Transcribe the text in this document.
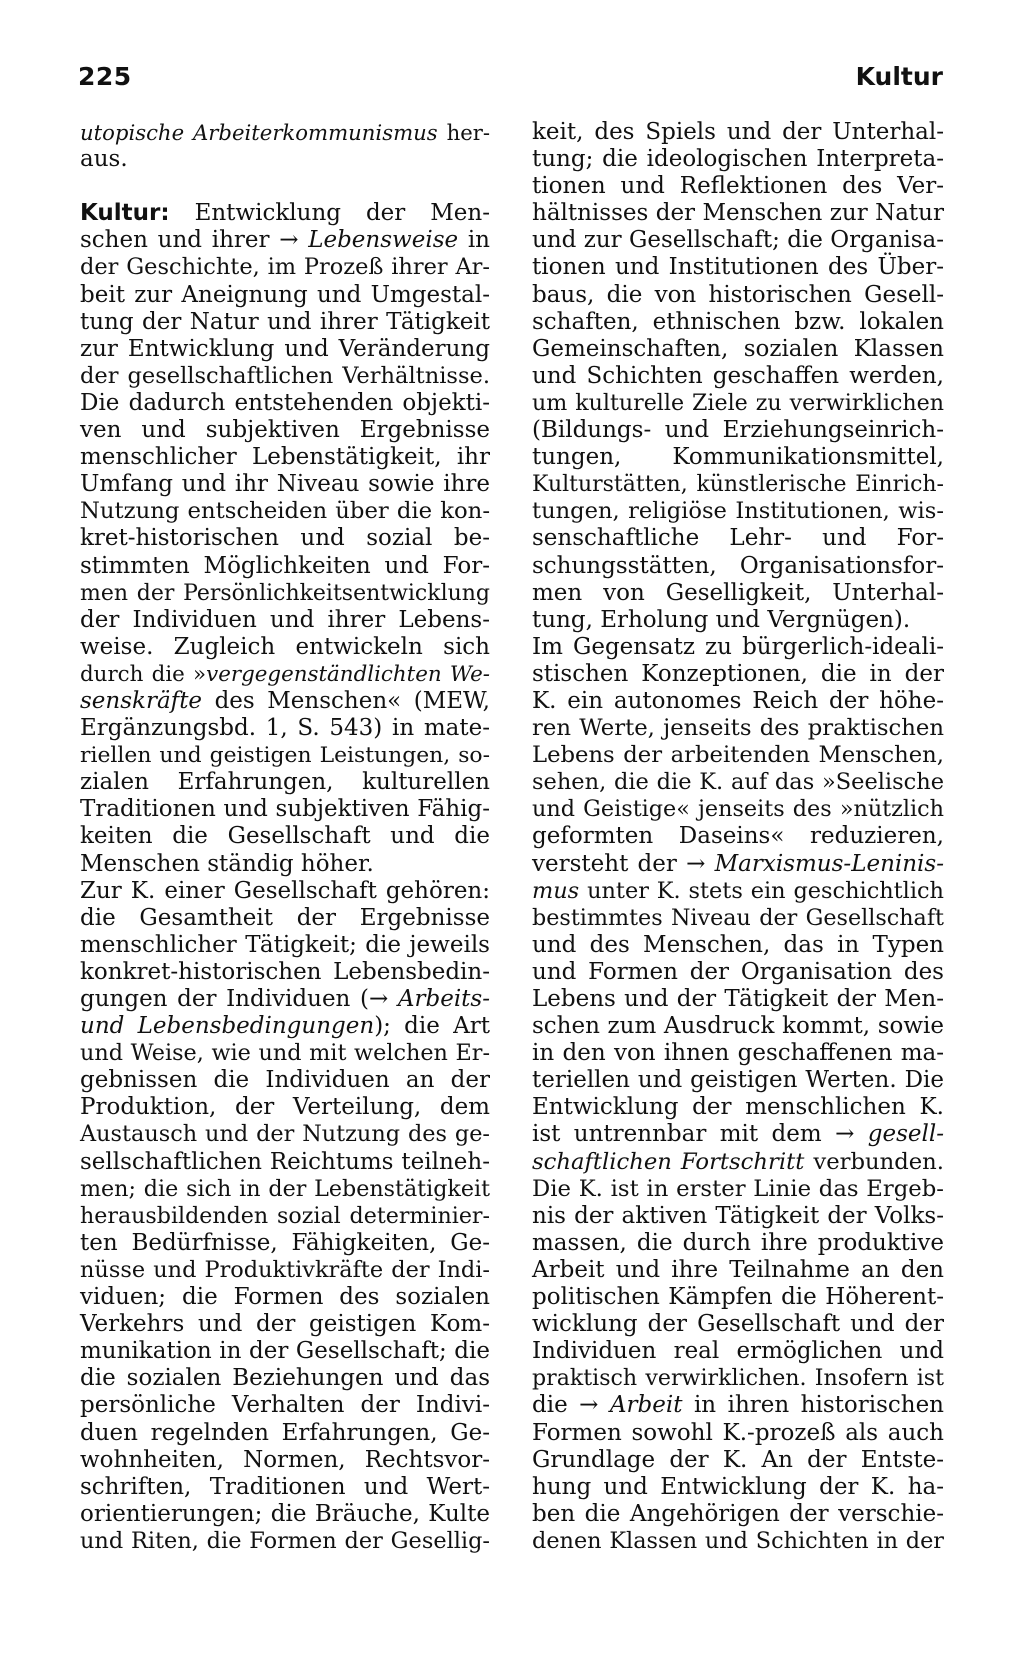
225	Kultur
utopische Arbeiterkommunismus her-
aus.
Kultur: Entwicklung der Men-
schen und ihrer → Lebensweise in
der Geschichte, im Prozeß ihrer Ar-
beit zur Aneignung und Umgestal-
tung der Natur und ihrer Tätigkeit
zur Entwicklung und Veränderung
der gesellschaftlichen Verhältnisse.
Die dadurch entstehenden objekti-
ven und subjektiven Ergebnisse
menschlicher Lebenstätigkeit, ihr
Umfang und ihr Niveau sowie ihre
Nutzung entscheiden über die kon-
kret-historischen und sozial be-
stimmten Möglichkeiten und For-
men der Persönlichkeitsentwicklung
der Individuen und ihrer Lebens-
weise. Zugleich entwickeln sich
durch die »vergegenständlichten We-
senskräfte des Menschen« (MEW,
Ergänzungsbd. 1, S. 543) in mate-
riellen und geistigen Leistungen, so-
zialen Erfahrungen, kulturellen
Traditionen und subjektiven Fähig-
keiten die Gesellschaft und die
Menschen ständig höher.
Zur K. einer Gesellschaft gehören:
die Gesamtheit der Ergebnisse
menschlicher Tätigkeit; die jeweils
konkret-historischen Lebensbedin-
gungen der Individuen (→ Arbeits-
und Lebensbedingungen); die Art
und Weise, wie und mit welchen Er-
gebnissen die Individuen an der
Produktion, der Verteilung, dem
Austausch und der Nutzung des ge-
sellschaftlichen Reichtums teilneh-
men; die sich in der Lebenstätigkeit
herausbildenden sozial determinier-
ten Bedürfnisse, Fähigkeiten, Ge-
nüsse und Produktivkräfte der Indi-
viduen; die Formen des sozialen
Verkehrs und der geistigen Kom-
munikation in der Gesellschaft; die
die sozialen Beziehungen und das
persönliche Verhalten der Indivi-
duen regelnden Erfahrungen, Ge-
wohnheiten, Normen, Rechtsvor-
schriften, Traditionen und Wert-
orientierungen; die Bräuche, Kulte
und Riten, die Formen der Gesellig-
keit, des Spiels und der Unterhal-
tung; die ideologischen Interpreta-
tionen und Reflektionen des Ver-
hältnisses der Menschen zur Natur
und zur Gesellschaft; die Organisa-
tionen und Institutionen des Über-
baus, die von historischen Gesell-
schaften, ethnischen bzw. lokalen
Gemeinschaften, sozialen Klassen
und Schichten geschaffen werden,
um kulturelle Ziele zu verwirklichen
(Bildungs- und Erziehungseinrich-
tungen, Kommunikationsmittel,
Kulturstätten, künstlerische Einrich-
tungen, religiöse Institutionen, wis-
senschaftliche Lehr- und For-
schungsstätten, Organisationsfor-
men von Geselligkeit, Unterhal-
tung, Erholung und Vergnügen).
Im Gegensatz zu bürgerlich-ideali-
stischen Konzeptionen, die in der
K. ein autonomes Reich der höhe-
ren Werte, jenseits des praktischen
Lebens der arbeitenden Menschen,
sehen, die die K. auf das »Seelische
und Geistige« jenseits des »nützlich
geformten Daseins« reduzieren,
versteht der → Marxismus-Leninis-
mus unter K. stets ein geschichtlich
bestimmtes Niveau der Gesellschaft
und des Menschen, das in Typen
und Formen der Organisation des
Lebens und der Tätigkeit der Men-
schen zum Ausdruck kommt, sowie
in den von ihnen geschaffenen ma-
teriellen und geistigen Werten. Die
Entwicklung der menschlichen K.
ist untrennbar mit dem → gesell-
schaftlichen Fortschritt verbunden.
Die K. ist in erster Linie das Ergeb-
nis der aktiven Tätigkeit der Volks-
massen, die durch ihre produktive
Arbeit und ihre Teilnahme an den
politischen Kämpfen die Höherent-
wicklung der Gesellschaft und der
Individuen real ermöglichen und
praktisch verwirklichen. Insofern ist
die → Arbeit in ihren historischen
Formen sowohl K.-prozeß als auch
Grundlage der K. An der Entste-
hung und Entwicklung der K. ha-
ben die Angehörigen der verschie-
denen Klassen und Schichten in der
